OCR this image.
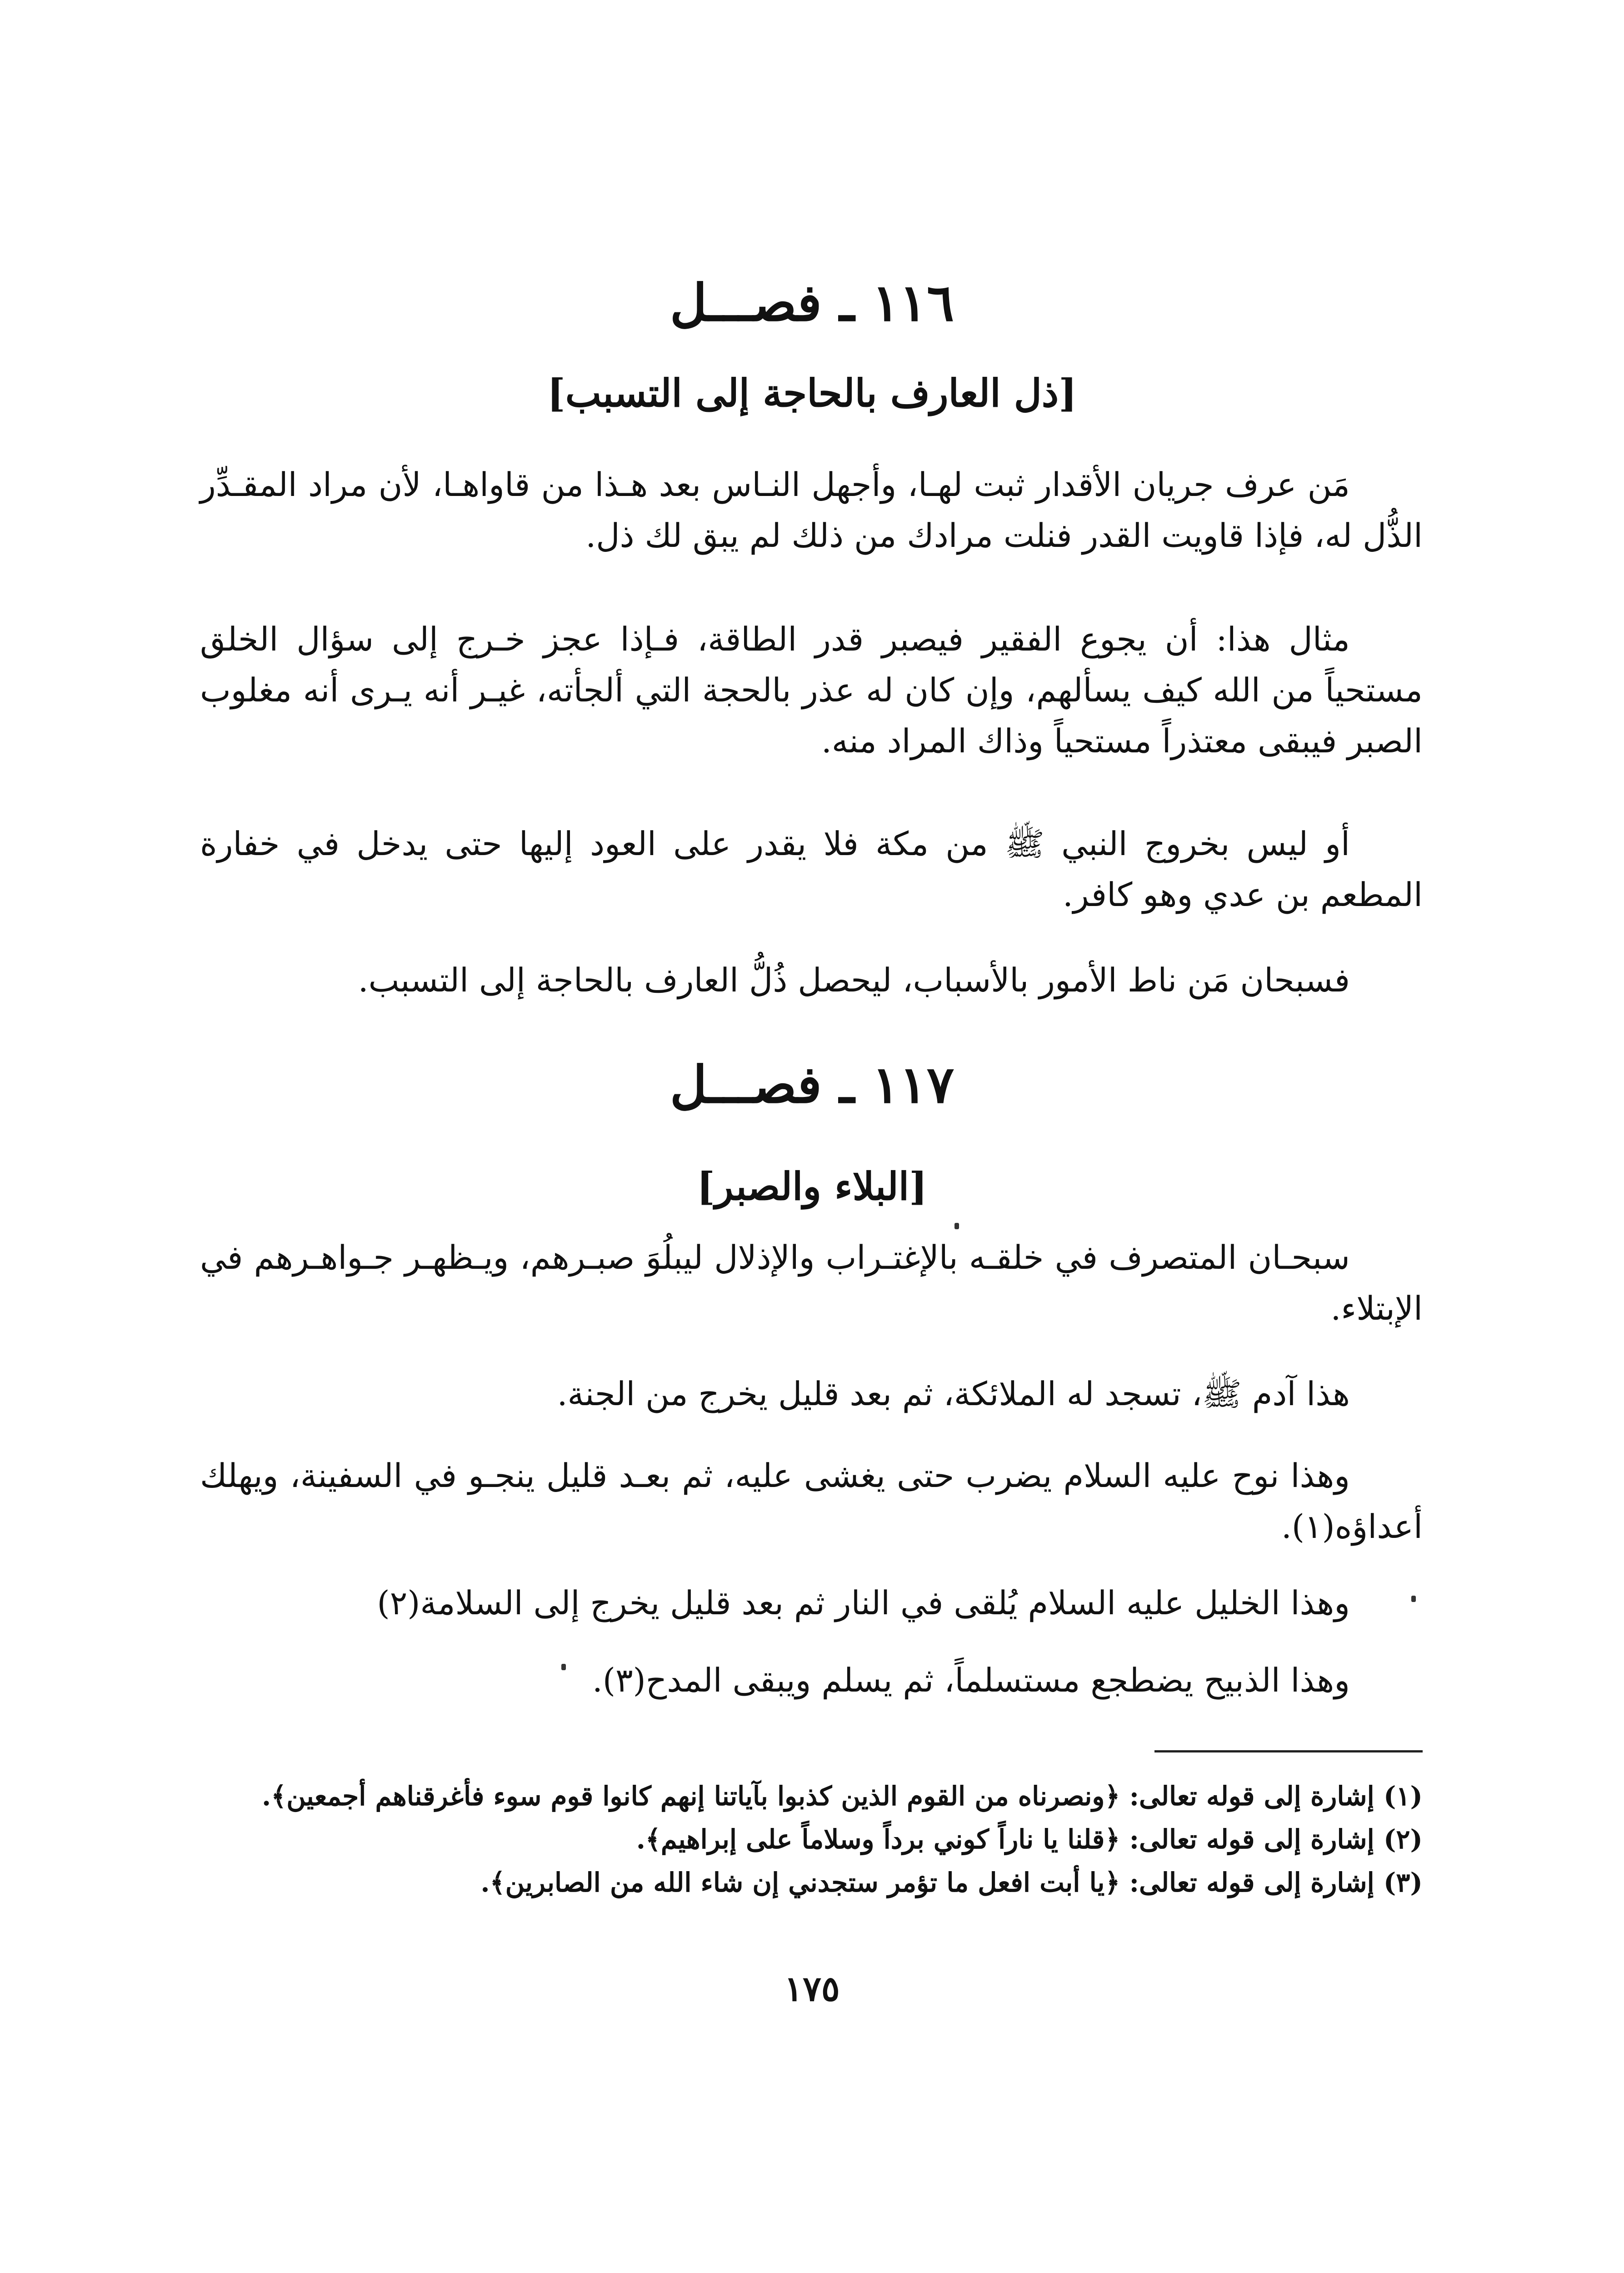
١١٦ ـ فصـــل
[ذل العارف بالحاجة إلى التسبب]

مَن عرف جريان الأقدار ثبت لهـا، وأجهل النـاس بعد هـذا من قاواهـا، لأن مراد المقـدِّر الذُّل له، فإذا قاويت القدر فنلت مرادك من ذلك لم يبق لك ذل.

مثال هذا: أن يجوع الفقير فيصبر قدر الطاقة، فـإذا عجز خـرج إلى سؤال الخلق مستحياً من الله كيف يسألهم، وإن كان له عذر بالحجة التي ألجأته، غيـر أنه يـرى أنه مغلوب الصبر فيبقى معتذراً مستحياً وذاك المراد منه.

أو ليس بخروج النبي ﷺ من مكة فلا يقدر على العود إليها حتى يدخل في خفارة المطعم بن عدي وهو كافر.

فسبحان مَن ناط الأمور بالأسباب، ليحصل ذُلُّ العارف بالحاجة إلى التسبب.

١١٧ ـ فصـــل
[البلاء والصبر]

سبحـان المتصرف في خلقـه بالإغتـراب والإذلال ليبلُوَ صبـرهم، ويـظهـر جـواهـرهم في الإبتلاء.

هذا آدم ﷺ، تسجد له الملائكة، ثم بعد قليل يخرج من الجنة.

وهذا نوح عليه السلام يضرب حتى يغشى عليه، ثم بعـد قليل ينجـو في السفينة، ويهلك أعداؤه(١).

وهذا الخليل عليه السلام يُلقى في النار ثم بعد قليل يخرج إلى السلامة(٢)

وهذا الذبيح يضطجع مستسلماً، ثم يسلم ويبقى المدح(٣).

(١) إشارة إلى قوله تعالى: ﴿ونصرناه من القوم الذين كذبوا بآياتنا إنهم كانوا قوم سوء فأغرقناهم أجمعين﴾.
(٢) إشارة إلى قوله تعالى: ﴿قلنا يا ناراً كوني برداً وسلاماً على إبراهيم﴾.
(٣) إشارة إلى قوله تعالى: ﴿يا أبت افعل ما تؤمر ستجدني إن شاء الله من الصابرين﴾.
١٧٥
